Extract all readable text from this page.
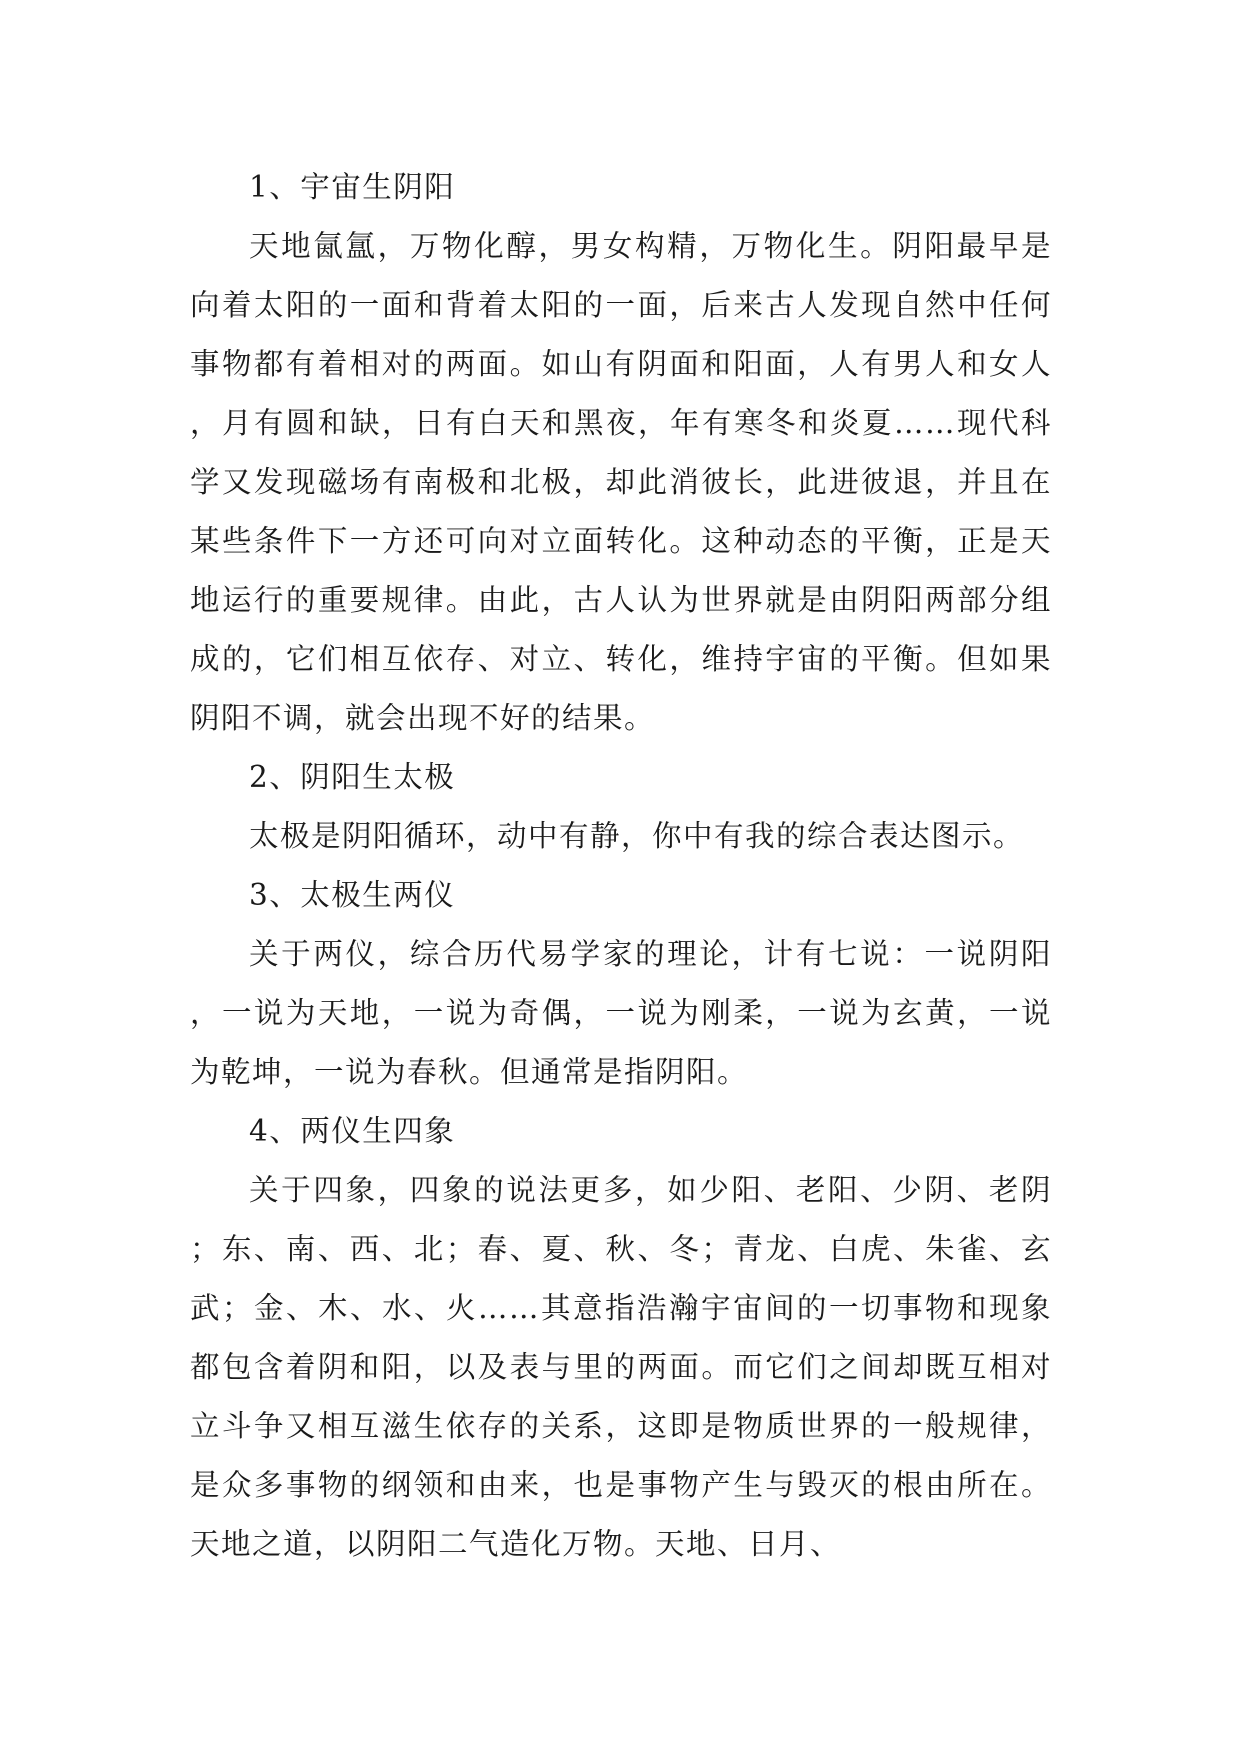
1、宇宙生阴阳

天地氤氲，万物化醇，男女构精，万物化生。阴阳最早是向着太阳的一面和背着太阳的一面，后来古人发现自然中任何事物都有着相对的两面。如山有阴面和阳面，人有男人和女人，月有圆和缺，日有白天和黑夜，年有寒冬和炎夏……现代科学又发现磁场有南极和北极，却此消彼长，此进彼退，并且在某些条件下一方还可向对立面转化。这种动态的平衡，正是天地运行的重要规律。由此，古人认为世界就是由阴阳两部分组成的，它们相互依存、对立、转化，维持宇宙的平衡。但如果阴阳不调，就会出现不好的结果。

2、阴阳生太极

太极是阴阳循环，动中有静，你中有我的综合表达图示。

3、太极生两仪

关于两仪，综合历代易学家的理论，计有七说：一说阴阳，一说为天地，一说为奇偶，一说为刚柔，一说为玄黄，一说为乾坤，一说为春秋。但通常是指阴阳。

4、两仪生四象

关于四象，四象的说法更多，如少阳、老阳、少阴、老阴；东、南、西、北；春、夏、秋、冬；青龙、白虎、朱雀、玄武；金、木、水、火……其意指浩瀚宇宙间的一切事物和现象都包含着阴和阳，以及表与里的两面。而它们之间却既互相对立斗争又相互滋生依存的关系，这即是物质世界的一般规律，是众多事物的纲领和由来，也是事物产生与毁灭的根由所在。天地之道，以阴阳二气造化万物。天地、日月、
